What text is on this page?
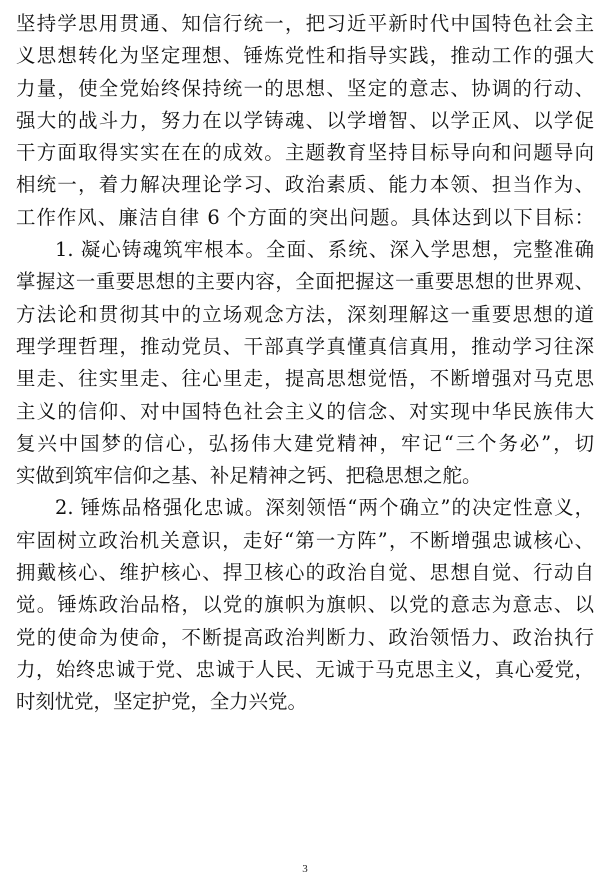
坚持学思用贯通、知信行统一，把习近平新时代中国特色社会主
义思想转化为坚定理想、锤炼党性和指导实践，推动工作的强大
力量，使全党始终保持统一的思想、坚定的意志、协调的行动、
强大的战斗力，努力在以学铸魂、以学增智、以学正风、以学促
干方面取得实实在在的成效。主题教育坚持目标导向和问题导向
相统一，着力解决理论学习、政治素质、能力本领、担当作为、
工作作风、廉洁自律 6 个方面的突出问题。具体达到以下目标：
1. 凝心铸魂筑牢根本。全面、系统、深入学思想，完整准确
掌握这一重要思想的主要内容，全面把握这一重要思想的世界观、
方法论和贯彻其中的立场观念方法，深刻理解这一重要思想的道
理学理哲理，推动党员、干部真学真懂真信真用，推动学习往深
里走、往实里走、往心里走，提高思想觉悟，不断增强对马克思
主义的信仰、对中国特色社会主义的信念、对实现中华民族伟大
复兴中国梦的信心，弘扬伟大建党精神，牢记“三个务必”，切
实做到筑牢信仰之基、补足精神之钙、把稳思想之舵。
2. 锤炼品格强化忠诚。深刻领悟“两个确立”的决定性意义，
牢固树立政治机关意识，走好“第一方阵”，不断增强忠诚核心、
拥戴核心、维护核心、捍卫核心的政治自觉、思想自觉、行动自
觉。锤炼政治品格，以党的旗帜为旗帜、以党的意志为意志、以
党的使命为使命，不断提高政治判断力、政治领悟力、政治执行
力，始终忠诚于党、忠诚于人民、无诚于马克思主义，真心爱党，
时刻忧党，坚定护党，全力兴党。
3
